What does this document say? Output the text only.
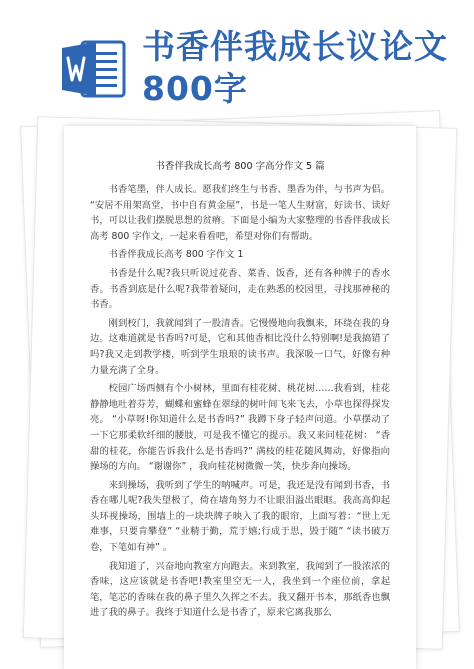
书香伴我成长议论文800字
书香伴我成长高考 800 字高分作文 5 篇

书香笔墨，伴人成长。愿我们终生与书香、墨香为伴，与书声为侣。 “安居不用架高堂，书中自有黄金屋”，书是一笔人生财富，好读书、读好书，可以让我们摆脱思想的贫瘠。下面是小编为大家整理的书香伴我成长高考 800 字作文，一起来看看吧，希望对你们有帮助。

书香伴我成长高考 800 字作文 1

书香是什么呢?我只听说过花香、菜香、饭香，还有各种牌子的香水香。书香到底是什么呢?我带着疑问，走在熟悉的校园里，寻找那神秘的书香。

刚到校门，我就闻到了一股清香。它慢慢地向我飘来，环绕在我的身边。这难道就是书香吗?可是，它和其他香相比没什么特别啊!是我搞错了吗?我又走到教学楼，听到学生琅琅的读书声。我深吸一口气，好像有种力量充满了全身。

校园广场西侧有个小树林，里面有桂花树、桃花树……我看到，桂花静静地吐着芬芳，蝴蝶和蜜蜂在翠绿的树叶间飞来飞去，小草也探得探发亮。 “小草呀!你知道什么是书香吗?” 我蹲下身子轻声问道。小草摆动了一下它那柔软纤细的腰肢，可是我不懂它的提示。我又来问桂花树： “香甜的桂花，你能告诉我什么是书香吗?” 满枝的桂花随风舞动，好像指向操场的方向。 “谢谢你” ，我向桂花树微微一笑，快步奔向操场。

来到操场，我听到了学生的呐喊声。可是，我还是没有闻到书香，书香在哪儿呢?我失望极了，倚在墙角努力不让眼泪溢出眼眶。我高高仰起头环视操场，围墙上的一块块牌子映入了我的眼帘，上面写着：“世上无难事，只要肯攀登” “业精于勤，荒于嬉;行成于思，毁于随” “读书破万卷，下笔如有神” 。

我知道了，兴奋地向教室方向跑去。来到教室，我闻到了一股浓浓的香味，这应该就是书香吧!教室里空无一人，我坐到一个座位前，拿起笔，笔芯的香味在我的鼻子里久久挥之不去。我又翻开书本，那纸香也飘进了我的鼻子。我终于知道什么是书香了，原来它离我那么
